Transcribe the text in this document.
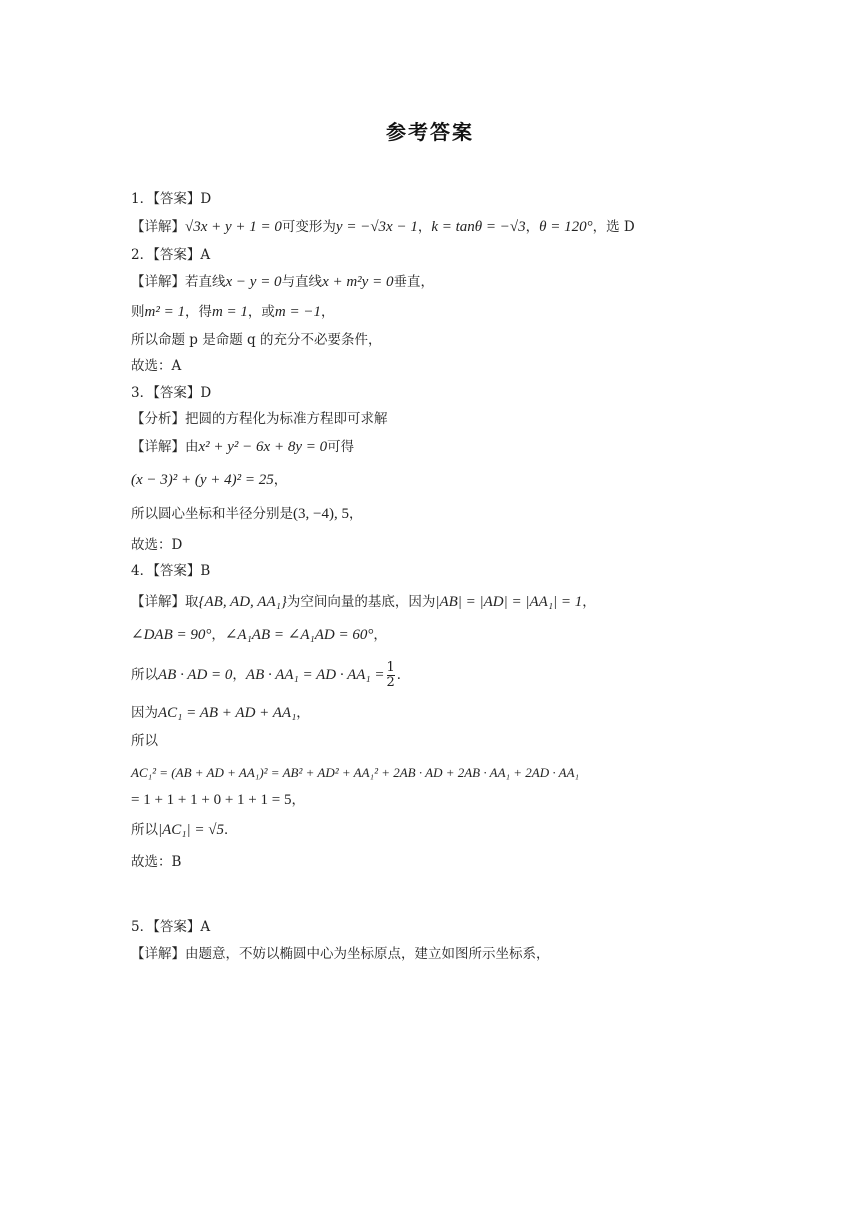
参考答案
1．【答案】D
【详解】√3x + y + 1 = 0可变形为y = −√3x − 1，k = tanθ = −√3，θ = 120°，选 D
2．【答案】A
【详解】若直线x − y = 0与直线x + m²y = 0垂直，
则m² = 1，得m = 1，或m = −1，
所以命题 p 是命题 q 的充分不必要条件，
故选：A
3．【答案】D
【分析】把圆的方程化为标准方程即可求解
【详解】由x² + y² − 6x + 8y = 0可得
(x − 3)² + (y + 4)² = 25，
所以圆心坐标和半径分别是(3, −4), 5，
故选：D
4．【答案】B
【详解】取{AB, AD, AA₁}为空间向量的基底，因为|AB| = |AD| = |AA₁| = 1，
∠DAB = 90°，∠A₁AB = ∠A₁AD = 60°，
所以AB · AD = 0，AB · AA₁ = AD · $AA_1 = \frac{1}{2}$ ．
因为AC₁ = AB + AD + AA₁，
所以
AC₁² = (AB + AD + AA₁)² = AB² + AD² + AA₁² + 2AB · AD + 2AB · AA₁ + 2AD · AA₁
= 1 + 1 + 1 + 0 + 1 + 1 = 5，
所以|AC₁| = √5．
故选：B
5．【答案】A
【详解】由题意，不妨以椭圆中心为坐标原点，建立如图所示坐标系，
